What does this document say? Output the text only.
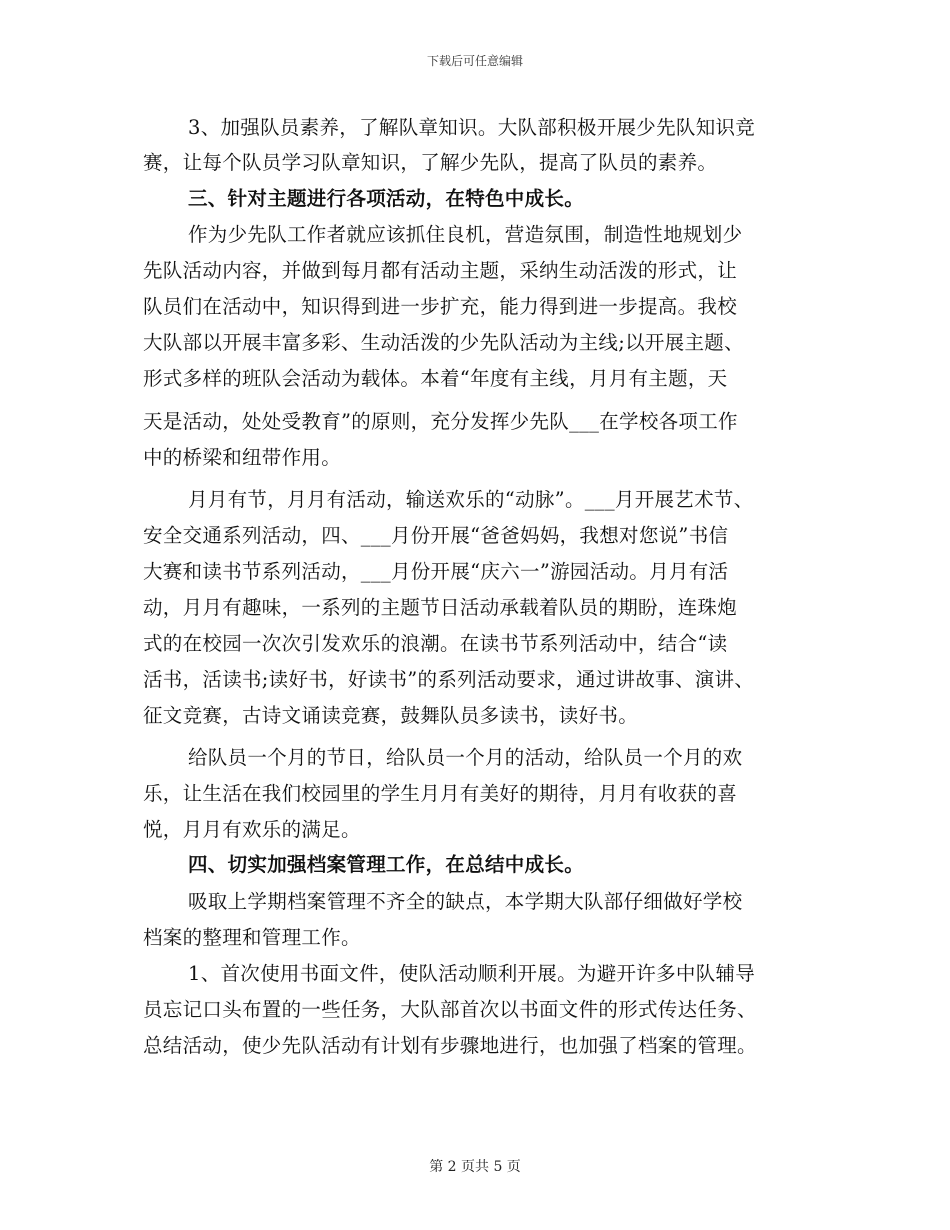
下载后可任意编辑
3、加强队员素养，了解队章知识。大队部积极开展少先队知识竞
赛，让每个队员学习队章知识，了解少先队，提高了队员的素养。
三、针对主题进行各项活动，在特色中成长。
作为少先队工作者就应该抓住良机，营造氛围，制造性地规划少
先队活动内容，并做到每月都有活动主题，采纳生动活泼的形式，让
队员们在活动中，知识得到进一步扩充，能力得到进一步提高。我校
大队部以开展丰富多彩、生动活泼的少先队活动为主线;以开展主题、
形式多样的班队会活动为载体。本着“年度有主线，月月有主题，天
天是活动，处处受教育”的原则，充分发挥少先队___在学校各项工作
中的桥梁和纽带作用。
月月有节，月月有活动，输送欢乐的“动脉”。___月开展艺术节、
安全交通系列活动，四、___月份开展“爸爸妈妈，我想对您说”书信
大赛和读书节系列活动，___月份开展“庆六一”游园活动。月月有活
动，月月有趣味，一系列的主题节日活动承载着队员的期盼，连珠炮
式的在校园一次次引发欢乐的浪潮。在读书节系列活动中，结合“读
活书，活读书;读好书，好读书”的系列活动要求，通过讲故事、演讲、
征文竞赛，古诗文诵读竞赛，鼓舞队员多读书，读好书。
给队员一个月的节日，给队员一个月的活动，给队员一个月的欢
乐，让生活在我们校园里的学生月月有美好的期待，月月有收获的喜
悦，月月有欢乐的满足。
四、切实加强档案管理工作，在总结中成长。
吸取上学期档案管理不齐全的缺点，本学期大队部仔细做好学校
档案的整理和管理工作。
1、首次使用书面文件，使队活动顺利开展。为避开许多中队辅导
员忘记口头布置的一些任务，大队部首次以书面文件的形式传达任务、
总结活动，使少先队活动有计划有步骤地进行，也加强了档案的管理。
第 2 页共 5 页
